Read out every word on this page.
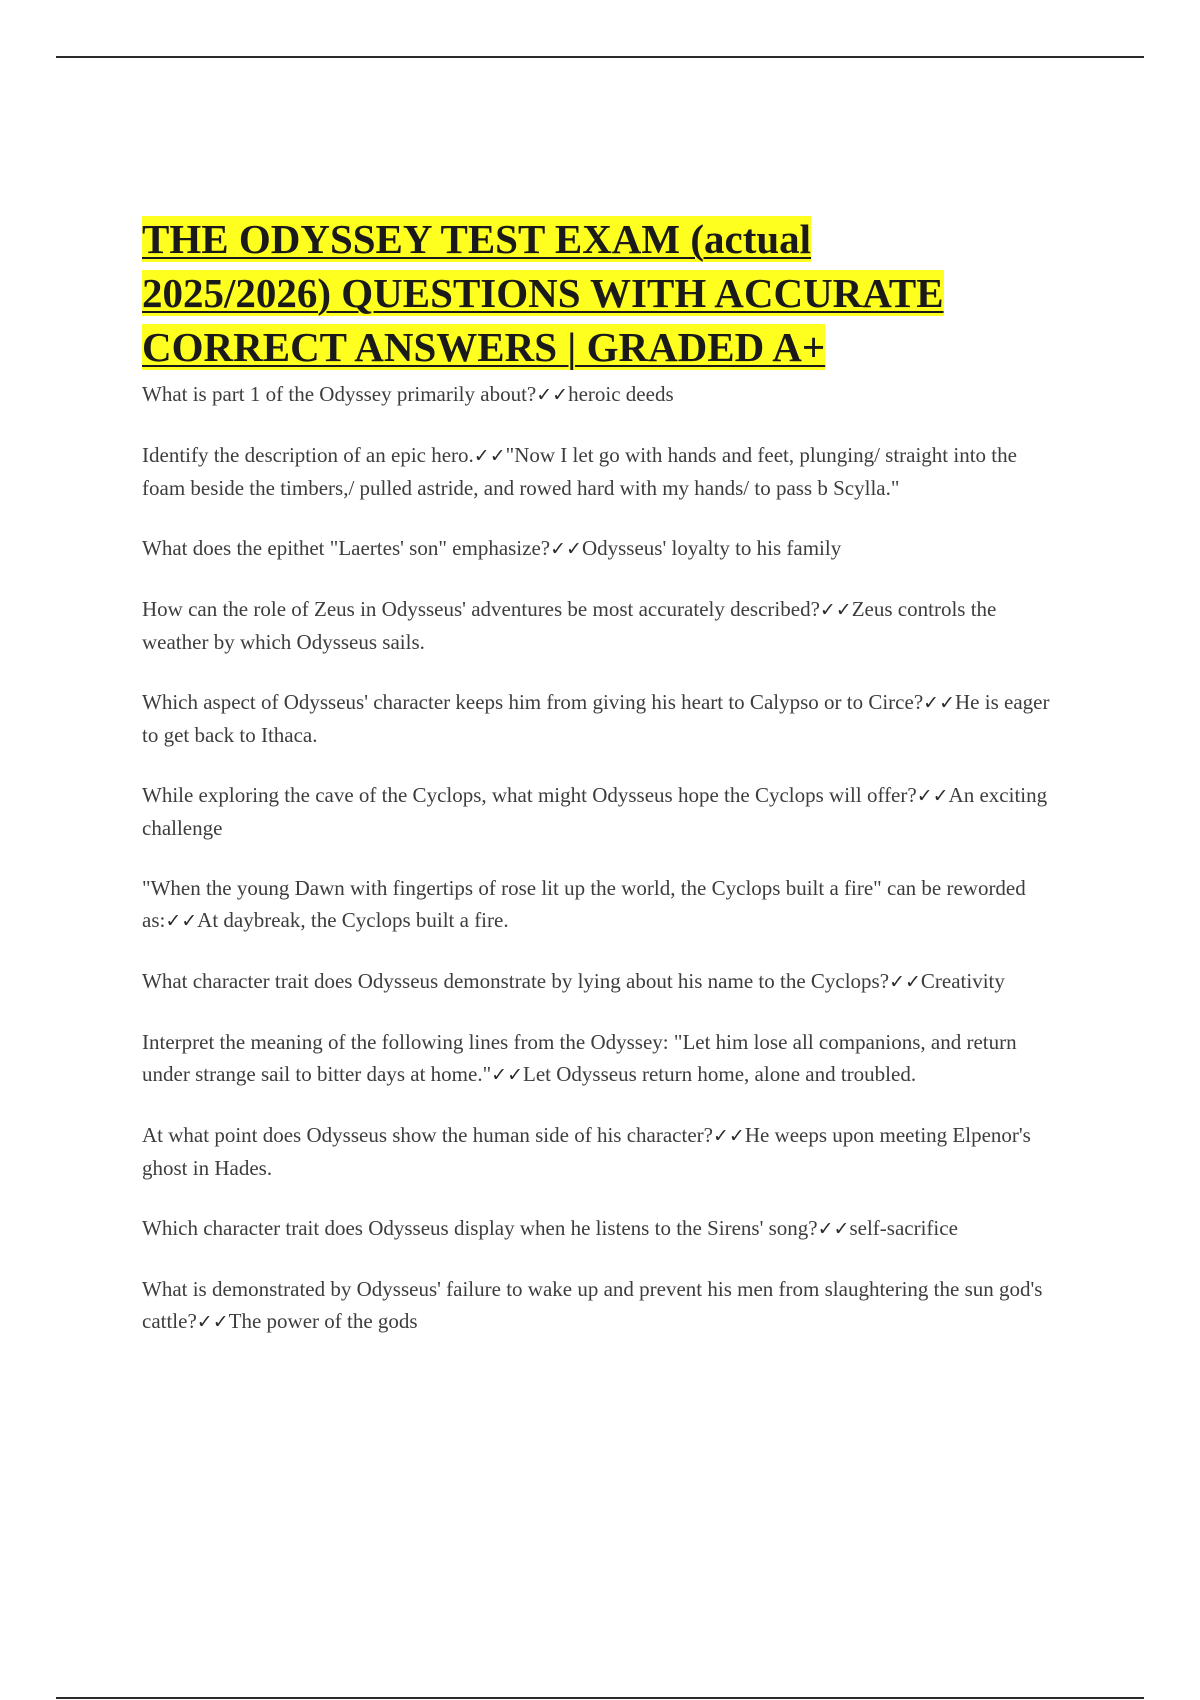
THE ODYSSEY TEST EXAM (actual
2025/2026) QUESTIONS WITH ACCURATE
CORRECT ANSWERS | GRADED A+
What is part 1 of the Odyssey primarily about?✓✓heroic deeds
Identify the description of an epic hero.✓✓"Now I let go with hands and feet, plunging/ straight into the foam beside the timbers,/ pulled astride, and rowed hard with my hands/ to pass b Scylla."
What does the epithet "Laertes' son" emphasize?✓✓Odysseus' loyalty to his family
How can the role of Zeus in Odysseus' adventures be most accurately described?✓✓Zeus controls the weather by which Odysseus sails.
Which aspect of Odysseus' character keeps him from giving his heart to Calypso or to Circe?✓✓He is eager to get back to Ithaca.
While exploring the cave of the Cyclops, what might Odysseus hope the Cyclops will offer?✓✓An exciting challenge
"When the young Dawn with fingertips of rose lit up the world, the Cyclops built a fire" can be reworded as:✓✓At daybreak, the Cyclops built a fire.
What character trait does Odysseus demonstrate by lying about his name to the Cyclops?✓✓Creativity
Interpret the meaning of the following lines from the Odyssey: "Let him lose all companions, and return under strange sail to bitter days at home."✓✓Let Odysseus return home, alone and troubled.
At what point does Odysseus show the human side of his character?✓✓He weeps upon meeting Elpenor's ghost in Hades.
Which character trait does Odysseus display when he listens to the Sirens' song?✓✓self-sacrifice
What is demonstrated by Odysseus' failure to wake up and prevent his men from slaughtering the sun god's cattle?✓✓The power of the gods
